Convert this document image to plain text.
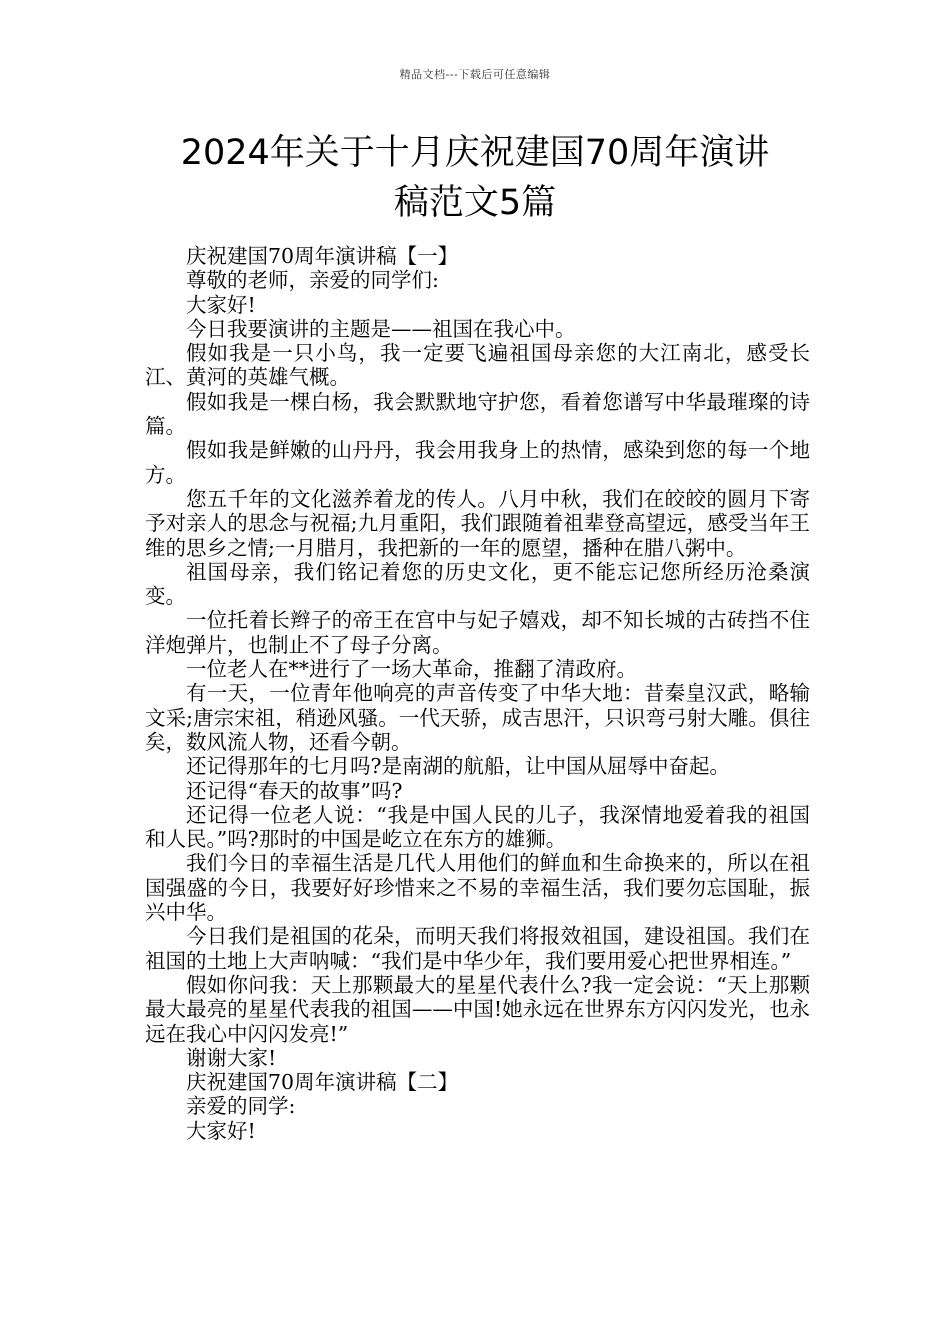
精品文档---下载后可任意编辑
2024年关于十月庆祝建国70周年演讲
稿范文5篇

庆祝建国70周年演讲稿【一】

尊敬的老师，亲爱的同学们:

大家好!

今日我要演讲的主题是——祖国在我心中。

假如我是一只小鸟，我一定要飞遍祖国母亲您的大江南北，感受长江、黄河的英雄气概。

假如我是一棵白杨，我会默默地守护您，看着您谱写中华最璀璨的诗篇。

假如我是鲜嫩的山丹丹，我会用我身上的热情，感染到您的每一个地方。

您五千年的文化滋养着龙的传人。八月中秋，我们在皎皎的圆月下寄予对亲人的思念与祝福;九月重阳，我们跟随着祖辈登高望远，感受当年王维的思乡之情;一月腊月，我把新的一年的愿望，播种在腊八粥中。

祖国母亲，我们铭记着您的历史文化，更不能忘记您所经历沧桑演变。

一位托着长辫子的帝王在宫中与妃子嬉戏，却不知长城的古砖挡不住洋炮弹片，也制止不了母子分离。

一位老人在**进行了一场大革命，推翻了清政府。

有一天，一位青年他响亮的声音传变了中华大地：昔秦皇汉武，略输文采;唐宗宋祖，稍逊风骚。一代天骄，成吉思汗，只识弯弓射大雕。俱往矣，数风流人物，还看今朝。

还记得那年的七月吗?是南湖的航船，让中国从屈辱中奋起。

还记得“春天的故事”吗?

还记得一位老人说：“我是中国人民的儿子，我深情地爱着我的祖国和人民。”吗?那时的中国是屹立在东方的雄狮。

我们今日的幸福生活是几代人用他们的鲜血和生命换来的，所以在祖国强盛的今日，我要好好珍惜来之不易的幸福生活，我们要勿忘国耻，振兴中华。

今日我们是祖国的花朵，而明天我们将报效祖国，建设祖国。我们在祖国的土地上大声呐喊：“我们是中华少年，我们要用爱心把世界相连。”

假如你问我：天上那颗最大的星星代表什么?我一定会说：“天上那颗最大最亮的星星代表我的祖国——中国!她永远在世界东方闪闪发光，也永远在我心中闪闪发亮!”

谢谢大家!

庆祝建国70周年演讲稿【二】

亲爱的同学:

大家好!
